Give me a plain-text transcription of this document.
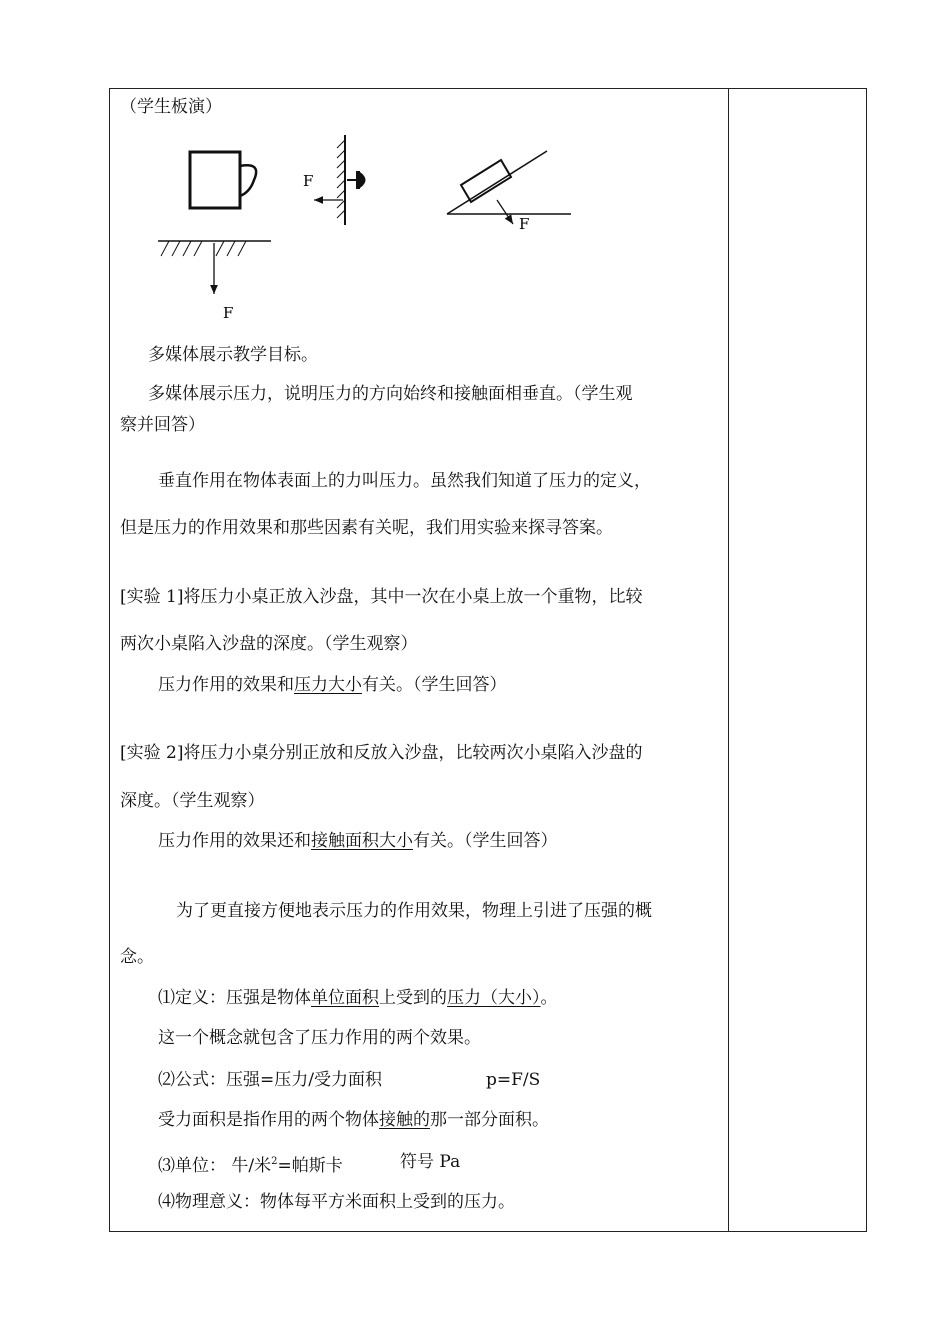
（学生板演）
F
F
F
多媒体展示教学目标。
多媒体展示压力，说明压力的方向始终和接触面相垂直。（学生观
察并回答）
垂直作用在物体表面上的力叫压力。虽然我们知道了压力的定义，
但是压力的作用效果和那些因素有关呢，我们用实验来探寻答案。
[实验 1]将压力小桌正放入沙盘，其中一次在小桌上放一个重物，比较
两次小桌陷入沙盘的深度。（学生观察）
压力作用的效果和压力大小有关。（学生回答）
[实验 2]将压力小桌分别正放和反放入沙盘，比较两次小桌陷入沙盘的
深度。（学生观察）
压力作用的效果还和接触面积大小有关。（学生回答）
为了更直接方便地表示压力的作用效果，物理上引进了压强的概
念。
⑴定义：压强是物体单位面积上受到的压力（大小）。
这一个概念就包含了压力作用的两个效果。
⑵公式：压强=压力/受力面积	p=F/S
受力面积是指作用的两个物体接触的那一部分面积。
⑶单位： 牛/米$^2$=帕斯卡	符号 Pa
⑷物理意义：物体每平方米面积上受到的压力。
